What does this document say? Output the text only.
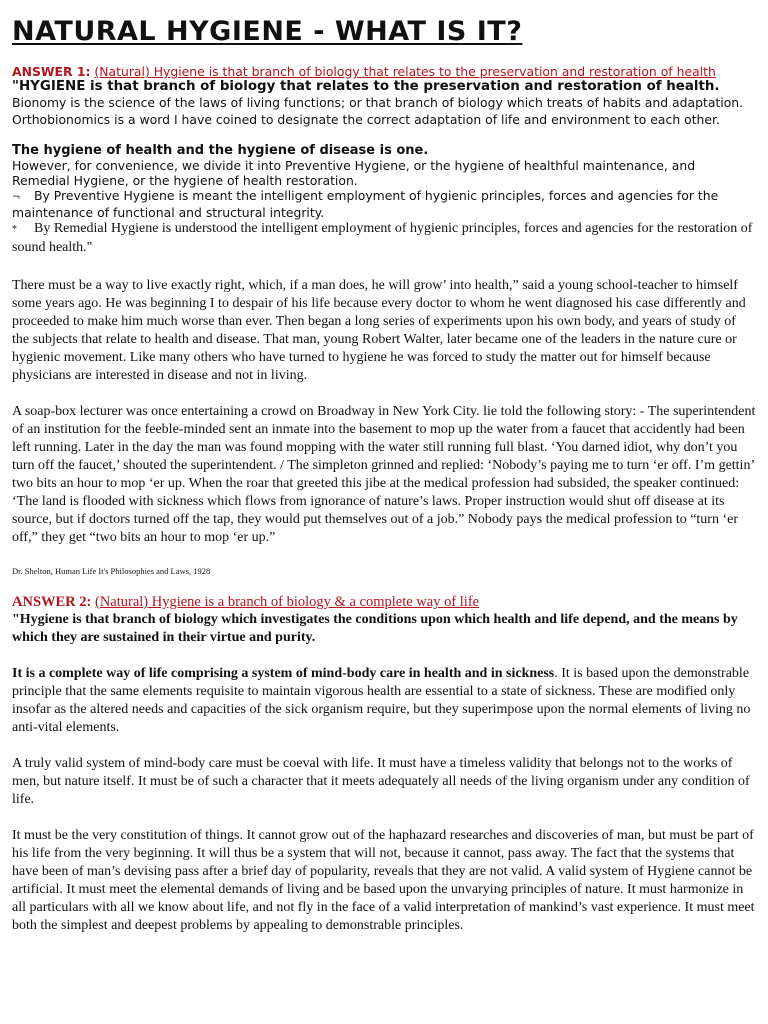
NATURAL HYGIENE - WHAT IS IT?
ANSWER 1: (Natural) Hygiene is that branch of biology that relates to the preservation and restoration of health

"HYGIENE is that branch of biology that relates to the preservation and restoration of health.

Bionomy is the science of the laws of living functions; or that branch of biology which treats of habits and adaptation.

Orthobionomics is a word I have coined to designate the correct adaptation of life and environment to each other.

The hygiene of health and the hygiene of disease is one.

However, for convenience, we divide it into Preventive Hygiene, or the hygiene of healthful maintenance, and Remedial Hygiene, or the hygiene of health restoration.

¬ By Preventive Hygiene is meant the intelligent employment of hygienic principles, forces and agencies for the maintenance of functional and structural integrity.

* By Remedial Hygiene is understood the intelligent employment of hygienic principles, forces and agencies for the restoration of sound health."

There must be a way to live exactly right, which, if a man does, he will grow’ into health,” said a young school-teacher to himself some years ago. He was beginning I to despair of his life because every doctor to whom he went diagnosed his case differently and proceeded to make him much worse than ever. Then began a long series of experiments upon his own body, and years of study of the subjects that relate to health and disease. That man, young Robert Walter, later became one of the leaders in the nature cure or hygienic movement. Like many others who have turned to hygiene he was forced to study the matter out for himself because physicians are interested in disease and not in living.

A soap-box lecturer was once entertaining a crowd on Broadway in New York City. lie told the following story: - The superintendent of an institution for the feeble-minded sent an inmate into the basement to mop up the water from a faucet that accidently had been left running. Later in the day the man was found mopping with the water still running full blast. ‘You darned idiot, why don’t you turn off the faucet,’ shouted the superintendent. / The simpleton grinned and replied: ‘Nobody’s paying me to turn ‘er off. I’m gettin’ two bits an hour to mop ‘er up. When the roar that greeted this jibe at the medical profession had subsided, the speaker continued: ‘The land is flooded with sickness which flows from ignorance of nature’s laws. Proper instruction would shut off disease at its source, but if doctors turned off the tap, they would put themselves out of a job.” Nobody pays the medical profession to “turn ‘er off,” they get “two bits an hour to mop ‘er up.”

Dr. Shelton, Human Life It's Philosophies and Laws, 1928

ANSWER 2: (Natural) Hygiene is a branch of biology & a complete way of life

"Hygiene is that branch of biology which investigates the conditions upon which health and life depend, and the means by which they are sustained in their virtue and purity.

It is a complete way of life comprising a system of mind-body care in health and in sickness. It is based upon the demonstrable principle that the same elements requisite to maintain vigorous health are essential to a state of sickness. These are modified only insofar as the altered needs and capacities of the sick organism require, but they superimpose upon the normal elements of living no anti-vital elements.

A truly valid system of mind-body care must be coeval with life. It must have a timeless validity that belongs not to the works of men, but nature itself. It must be of such a character that it meets adequately all needs of the living organism under any condition of life.

It must be the very constitution of things. It cannot grow out of the haphazard researches and discoveries of man, but must be part of his life from the very beginning. It will thus be a system that will not, because it cannot, pass away. The fact that the systems that have been of man’s devising pass after a brief day of popularity, reveals that they are not valid. A valid system of Hygiene cannot be artificial. It must meet the elemental demands of living and be based upon the unvarying principles of nature. It must harmonize in all particulars with all we know about life, and not fly in the face of a valid interpretation of mankind’s vast experience. It must meet both the simplest and deepest problems by appealing to demonstrable principles.
